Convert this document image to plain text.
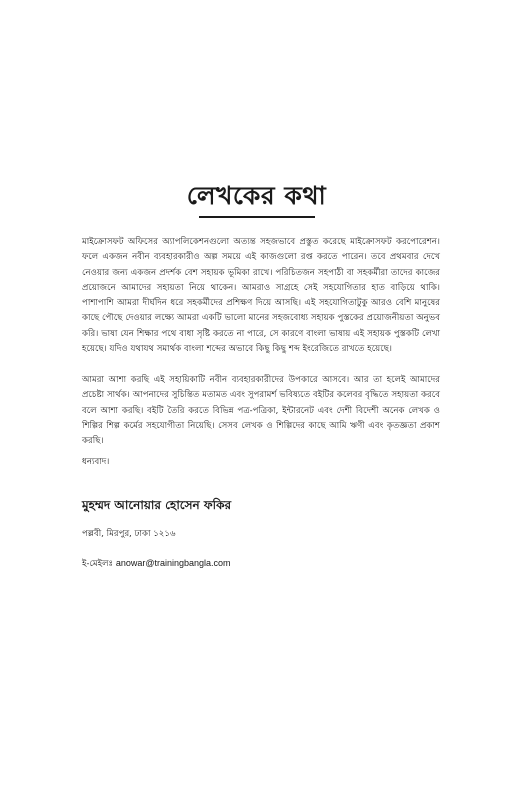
লেখকের কথা

মাইক্রোসফট অফিসের অ্যাপলিকেশনগুলো অত্যন্ত সহজভাবে প্রস্তুত করেছে মাইক্রোসফট করপোরেশন। ফলে একজন নবীন ব্যবহারকারীও অল্প সময়ে এই কাজগুলো রপ্ত করতে পারেন। তবে প্রথমবার দেখে নেওয়ার জন্য একজন প্রদর্শক বেশ সহায়ক ভূমিকা রাখে। পরিচিতজন সহপাঠী বা সহকর্মীরা তাদের কাজের প্রয়োজনে আমাদের সহায়তা নিয়ে থাকেন। আমরাও সাগ্রহে সেই সহযোগিতার হাত বাড়িয়ে থাকি। পাশাপাশি আমরা দীর্ঘদিন ধরে সহকর্মীদের প্রশিক্ষণ দিয়ে আসছি। এই সহযোগিতাটুকু আরও বেশি মানুষের কাছে পৌছে দেওয়ার লক্ষ্যে আমরা একটি ভালো মানের সহজবোধ্য সহায়ক পুস্তকের প্রয়োজনীয়তা অনুভব করি। ভাষা যেন শিক্ষার পথে বাধা সৃষ্টি করতে না পারে, সে কারণে বাংলা ভাষায় এই সহায়ক পুস্তকটি লেখা হয়েছে। যদিও যথাযথ সমার্থক বাংলা শব্দের অভাবে কিছু কিছু শব্দ ইংরেজিতে রাখতে হয়েছে।

আমরা আশা করছি এই সহায়িকাটি নবীন ব্যবহারকারীদের উপকারে আসবে। আর তা হলেই আমাদের প্রচেষ্টা সার্থক। আপনাদের সুচিন্তিত মতামত এবং সুপরামর্শ ভবিষ্যতে বইটির কলেবর বৃদ্ধিতে সহায়তা করবে বলে আশা করছি। বইটি তৈরি করতে বিভিন্ন পত্র-পত্রিকা, ইন্টারনেট এবং দেশী বিদেশী অনেক লেখক ও শিল্পির শিল্প কর্মের সহযোগীতা নিয়েছি। সেসব লেখক ও শিল্পিদের কাছে আমি ঋণী এবং কৃতজ্ঞতা প্রকাশ করছি।

ধন্যবাদ।
মুহম্মদ আনোয়ার হোসেন ফকির
পল্লবী, মিরপুর, ঢাকা ১২১৬
ই-মেইলঃ anowar@trainingbangla.com
